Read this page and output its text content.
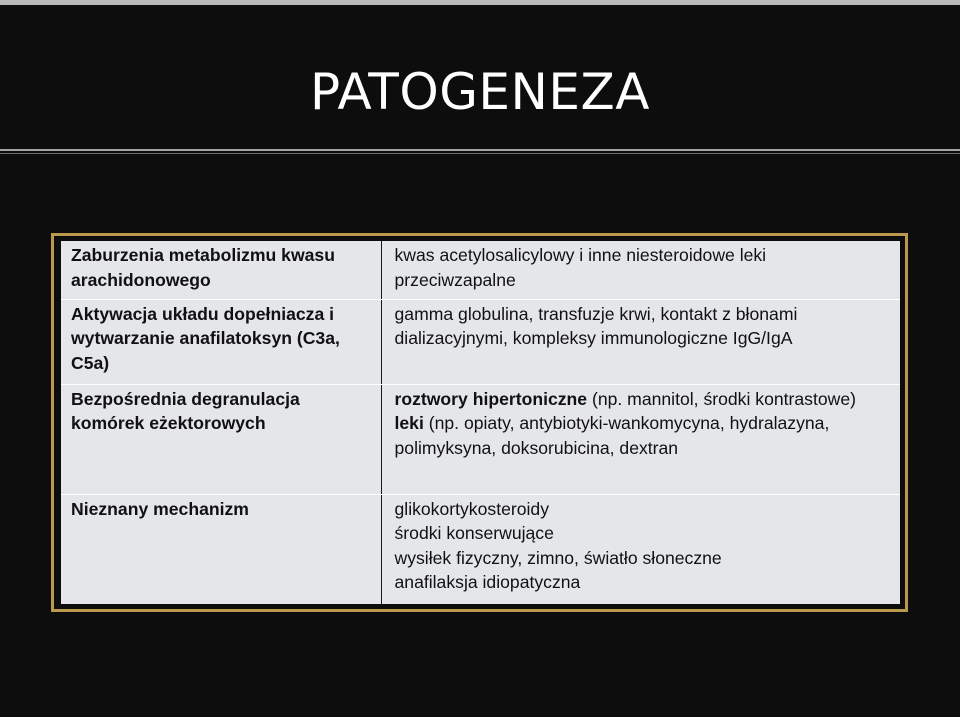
PATOGENEZA
Zaburzenia metabolizmu kwasu arachidonowego	kwas acetylosalicylowy i inne niesteroidowe leki przeciwzapalne

Aktywacja układu dopełniacza i wytwarzanie anafilatoksyn (C3a, C5a)	gamma globulina, transfuzje krwi, kontakt z błonami dializacyjnymi, kompleksy immunologiczne IgG/IgA

Bezpośrednia degranulacja komórek eżektorowych	roztwory hipertoniczne (np. mannitol, środki kontrastowe)
leki (np. opiaty, antybiotyki-wankomycyna, hydralazyna, polimyksyna, doksorubicina, dextran

Nieznany mechanizm	glikokortykosteroidy
środki konserwujące
wysiłek fizyczny, zimno, światło słoneczne
anafilaksja idiopatyczna
